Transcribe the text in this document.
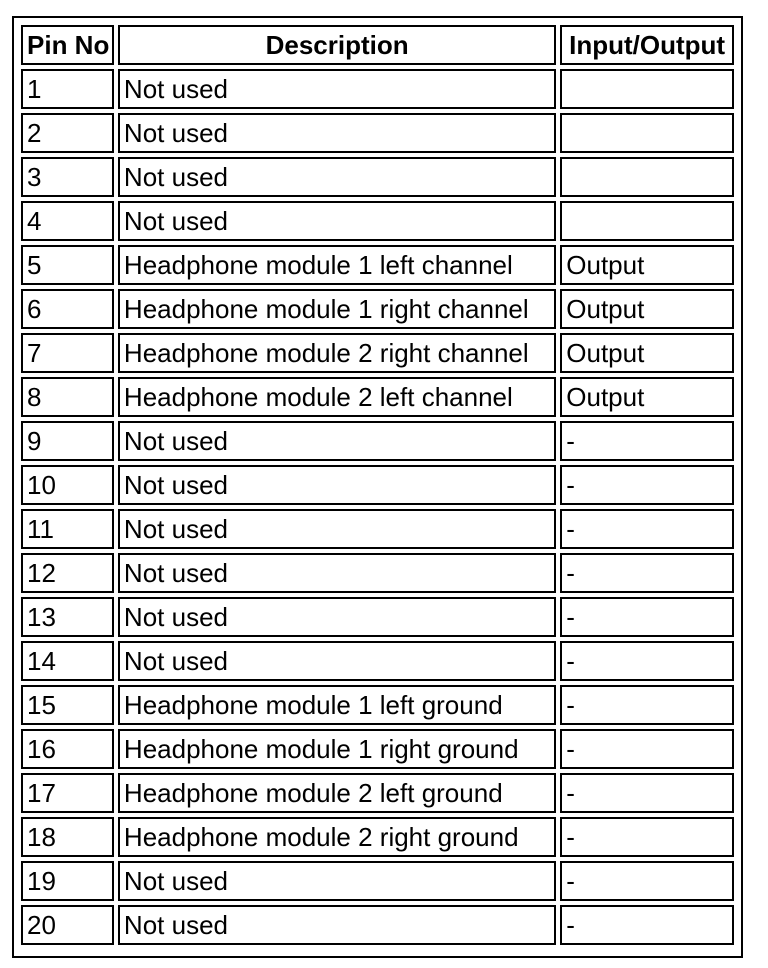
Pin No	Description	Input/Output
1	Not used	
2	Not used	
3	Not used	
4	Not used	
5	Headphone module 1 left channel	Output
6	Headphone module 1 right channel	Output
7	Headphone module 2 right channel	Output
8	Headphone module 2 left channel	Output
9	Not used	-
10	Not used	-
11	Not used	-
12	Not used	-
13	Not used	-
14	Not used	-
15	Headphone module 1 left ground	-
16	Headphone module 1 right ground	-
17	Headphone module 2 left ground	-
18	Headphone module 2 right ground	-
19	Not used	-
20	Not used	-
